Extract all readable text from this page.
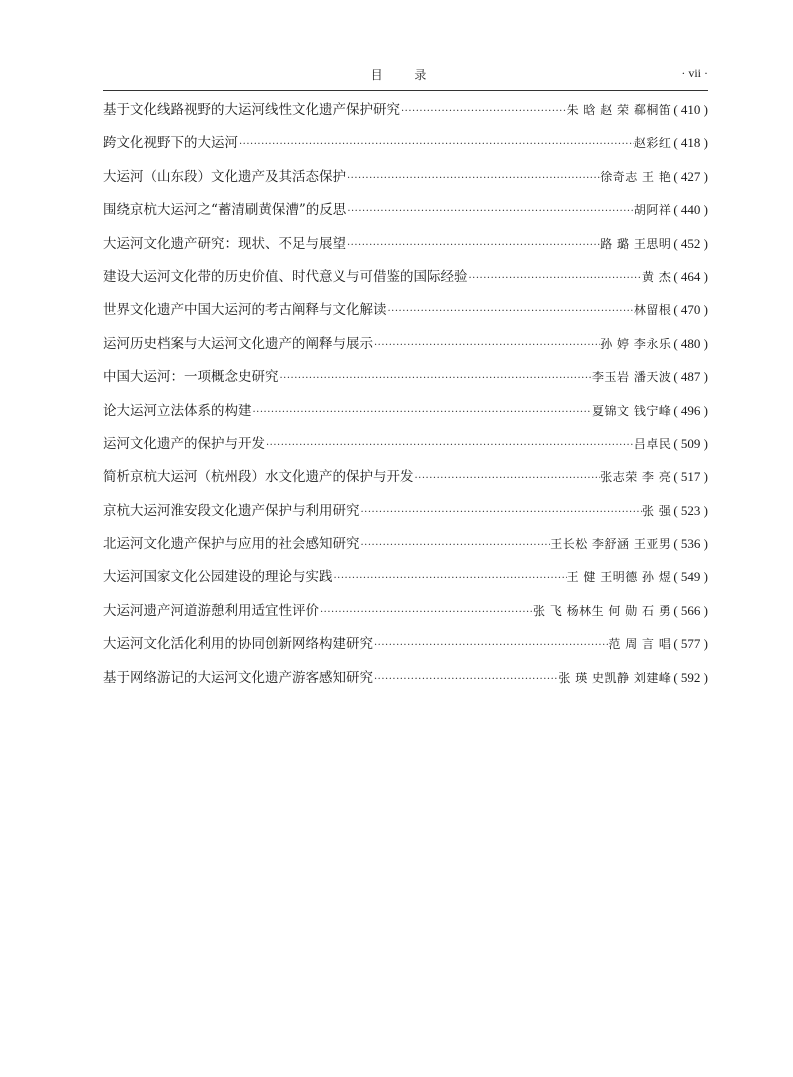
目 录	· vii ·
基于文化线路视野的大运河线性文化遗产保护研究 ·····	朱 晗 赵 荣 郗桐笛 ( 410 )
跨文化视野下的大运河 ·····	赵彩红 ( 418 )
大运河（山东段）文化遗产及其活态保护 ·····	徐奇志 王 艳 ( 427 )
围绕京杭大运河之“蓄清刷黄保漕”的反思 ·····	胡阿祥 ( 440 )
大运河文化遗产研究：现状、不足与展望 ·····	路 璐 王思明 ( 452 )
建设大运河文化带的历史价值、时代意义与可借鉴的国际经验 ·····	黄 杰 ( 464 )
世界文化遗产中国大运河的考古阐释与文化解读 ·····	林留根 ( 470 )
运河历史档案与大运河文化遗产的阐释与展示 ·····	孙 婷 李永乐 ( 480 )
中国大运河：一项概念史研究 ·····	李玉岩 潘天波 ( 487 )
论大运河立法体系的构建 ·····	夏锦文 钱宁峰 ( 496 )
运河文化遗产的保护与开发 ·····	吕卓民 ( 509 )
简析京杭大运河（杭州段）水文化遗产的保护与开发 ·····	张志荣 李 亮 ( 517 )
京杭大运河淮安段文化遗产保护与利用研究 ·····	张 强 ( 523 )
北运河文化遗产保护与应用的社会感知研究 ·····	王长松 李舒涵 王亚男 ( 536 )
大运河国家文化公园建设的理论与实践 ·····	王 健 王明德 孙 煜 ( 549 )
大运河遗产河道游憩利用适宜性评价 ·····	张 飞 杨林生 何 勋 石 勇 ( 566 )
大运河文化活化利用的协同创新网络构建研究 ·····	范 周 言 唱 ( 577 )
基于网络游记的大运河文化遗产游客感知研究 ·····	张 瑛 史凯静 刘建峰 ( 592 )
